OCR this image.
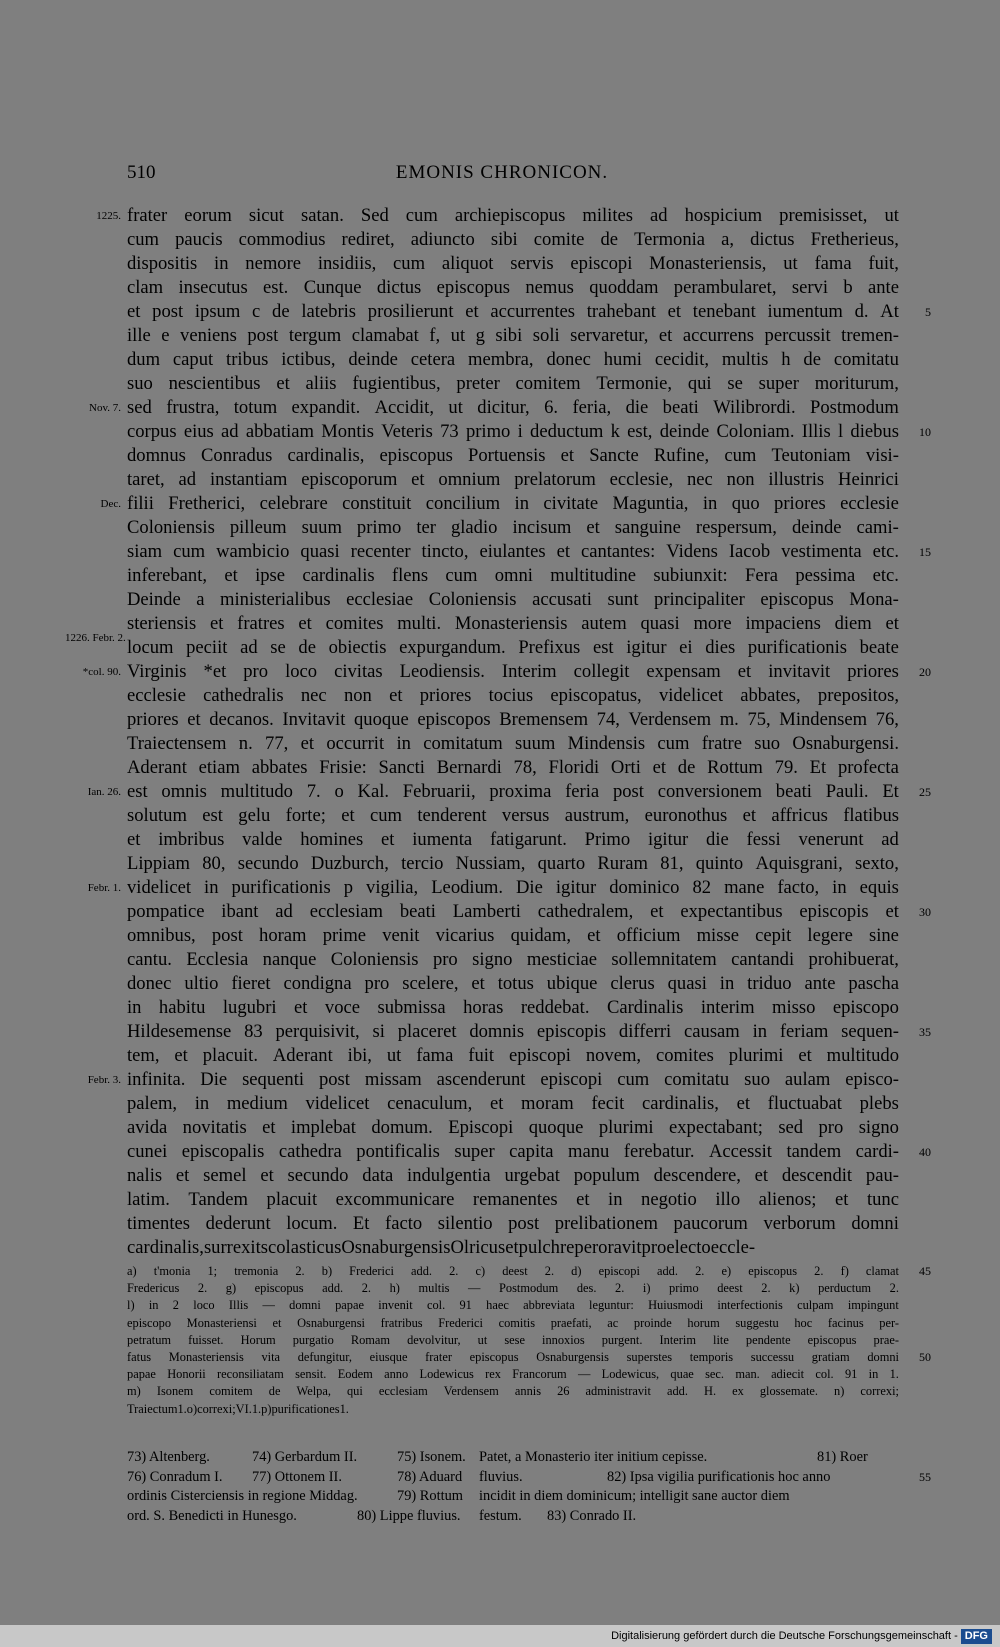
510	EMONIS CHRONICON.
1225. frater eorum sicut satan. Sed cum archiepiscopus milites ad hospicium premisisset, ut
cum paucis commodius rediret, adiuncto sibi comite de Termonia a, dictus Fretherieus,
dispositis in nemore insidiis, cum aliquot servis episcopi Monasteriensis, ut fama fuit,
clam insecutus est. Cunque dictus episcopus nemus quoddam perambularet, servi b ante
et post ipsum c de latebris prosilierunt et accurrentes trahebant et tenebant iumentum d. At 5
ille e veniens post tergum clamabat f, ut g sibi soli servaretur, et accurrens percussit tremen-
dum caput tribus ictibus, deinde cetera membra, donec humi cecidit, multis h de comitatu
suo nescientibus et aliis fugientibus, preter comitem Termonie, qui se super moriturum,
Nov. 7. sed frustra, totum expandit. Accidit, ut dicitur, 6. feria, die beati Wilibrordi. Postmodum
corpus eius ad abbatiam Montis Veteris 73 primo i deductum k est, deinde Coloniam. Illis l diebus 10
domnus Conradus cardinalis, episcopus Portuensis et Sancte Rufine, cum Teutoniam visi-
taret, ad instantiam episcoporum et omnium prelatorum ecclesie, nec non illustris Heinrici
Dec. filii Fretherici, celebrare constituit concilium in civitate Maguntia, in quo priores ecclesie
Coloniensis pilleum suum primo ter gladio incisum et sanguine respersum, deinde cami-
siam cum wambicio quasi recenter tincto, eiulantes et cantantes: Videns Iacob vestimenta etc. 15
inferebant, et ipse cardinalis flens cum omni multitudine subiunxit: Fera pessima etc.
Deinde a ministerialibus ecclesiae Coloniensis accusati sunt principaliter episcopus Mona-
steriensis et fratres et comites multi. Monasteriensis autem quasi more impaciens diem et
1226. Febr. 2. locum peciit ad se de obiectis expurgandum. Prefixus est igitur ei dies purificationis beate
*col. 90. Virginis *et pro loco civitas Leodiensis. Interim collegit expensam et invitavit priores 20
ecclesie cathedralis nec non et priores tocius episcopatus, videlicet abbates, prepositos,
priores et decanos. Invitavit quoque episcopos Bremensem 74, Verdensem m. 75, Mindensem 76,
Traiectensem n. 77, et occurrit in comitatum suum Mindensis cum fratre suo Osnaburgensi.
Aderant etiam abbates Frisie: Sancti Bernardi 78, Floridi Orti et de Rottum 79. Et profecta
Ian. 26. est omnis multitudo 7. o Kal. Februarii, proxima feria post conversionem beati Pauli. Et 25
solutum est gelu forte; et cum tenderent versus austrum, euronothus et affricus flatibus
et imbribus valde homines et iumenta fatigarunt. Primo igitur die fessi venerunt ad
Lippiam 80, secundo Duzburch, tercio Nussiam, quarto Ruram 81, quinto Aquisgrani, sexto,
Febr. 1. videlicet in purificationis p vigilia, Leodium. Die igitur dominico 82 mane facto, in equis
pompatice ibant ad ecclesiam beati Lamberti cathedralem, et expectantibus episcopis et 30
omnibus, post horam prime venit vicarius quidam, et officium misse cepit legere sine
cantu. Ecclesia nanque Coloniensis pro signo mesticiae sollemnitatem cantandi prohibuerat,
donec ultio fieret condigna pro scelere, et totus ubique clerus quasi in triduo ante pascha
in habitu lugubri et voce submissa horas reddebat. Cardinalis interim misso episcopo
Hildesemense 83 perquisivit, si placeret domnis episcopis differri causam in feriam sequen- 35
tem, et placuit. Aderant ibi, ut fama fuit episcopi novem, comites plurimi et multitudo
Febr. 3. infinita. Die sequenti post missam ascenderunt episcopi cum comitatu suo aulam episco-
palem, in medium videlicet cenaculum, et moram fecit cardinalis, et fluctuabat plebs
avida novitatis et implebat domum. Episcopi quoque plurimi expectabant; sed pro signo
cunei episcopalis cathedra pontificalis super capita manu ferebatur. Accessit tandem cardi- 40
nalis et semel et secundo data indulgentia urgebat populum descendere, et descendit pau-
latim. Tandem placuit excommunicare remanentes et in negotio illo alienos; et tunc
timentes dederunt locum. Et facto silentio post prelibationem paucorum verborum domni
cardinalis, surrexit scolasticus Osnaburgensis Olricus et pulchre peroravit pro electo eccle-
a) t'monia 1; tremonia 2. b) Frederici add. 2. c) deest 2. d) episcopi add. 2. e) episcopus 2. f) clamat 45
Fredericus 2. g) episcopus add. 2. h) multis — Postmodum des. 2. i) primo deest 2. k) perductum 2.
l) in 2 loco Illis — domni papae invenit col. 91 haec abbreviata leguntur: Huiusmodi interfectionis culpam impingunt
episcopo Monasteriensi et Osnaburgensi fratribus Frederici comitis praefati, ac proinde horum suggestu hoc facinus per-
petratum fuisset. Horum purgatio Romam devolvitur, ut sese innoxios purgent. Interim lite pendente episcopus prae-
fatus Monasteriensis vita defungitur, eiusque frater episcopus Osnaburgensis superstes temporis successu gratiam domni 50
papae Honorii reconsiliatam sensit. Eodem anno Lodewicus rex Francorum — Lodewicus, quae sec. man. adiecit col. 91 in 1.
m) Isonem comitem de Welpa, qui ecclesiam Verdensem annis 26 administravit add. H. ex glossemate. n) correxi;
Traiectum 1. o) correxi; VI. 1. p) purificationes 1.
73) Altenberg.	74) Gerbardum II.	75) Isonem. Patet, a Monasterio iter initium cepisse.	81) Roer
76) Conradum I. 77) Ottonem II.	78) Aduard fluvius.	82) Ipsa vigilia purificationis hoc anno	55
ordinis Cisterciensis in regione Middag.	79) Rottum incidit in diem dominicum; intelligit sane auctor diem
ord. S. Benedicti in Hunesgo.	80) Lippe fluvius. festum. 83) Conrado II.
Digitalisierung gefördert durch die Deutsche Forschungsgemeinschaft - DFG
